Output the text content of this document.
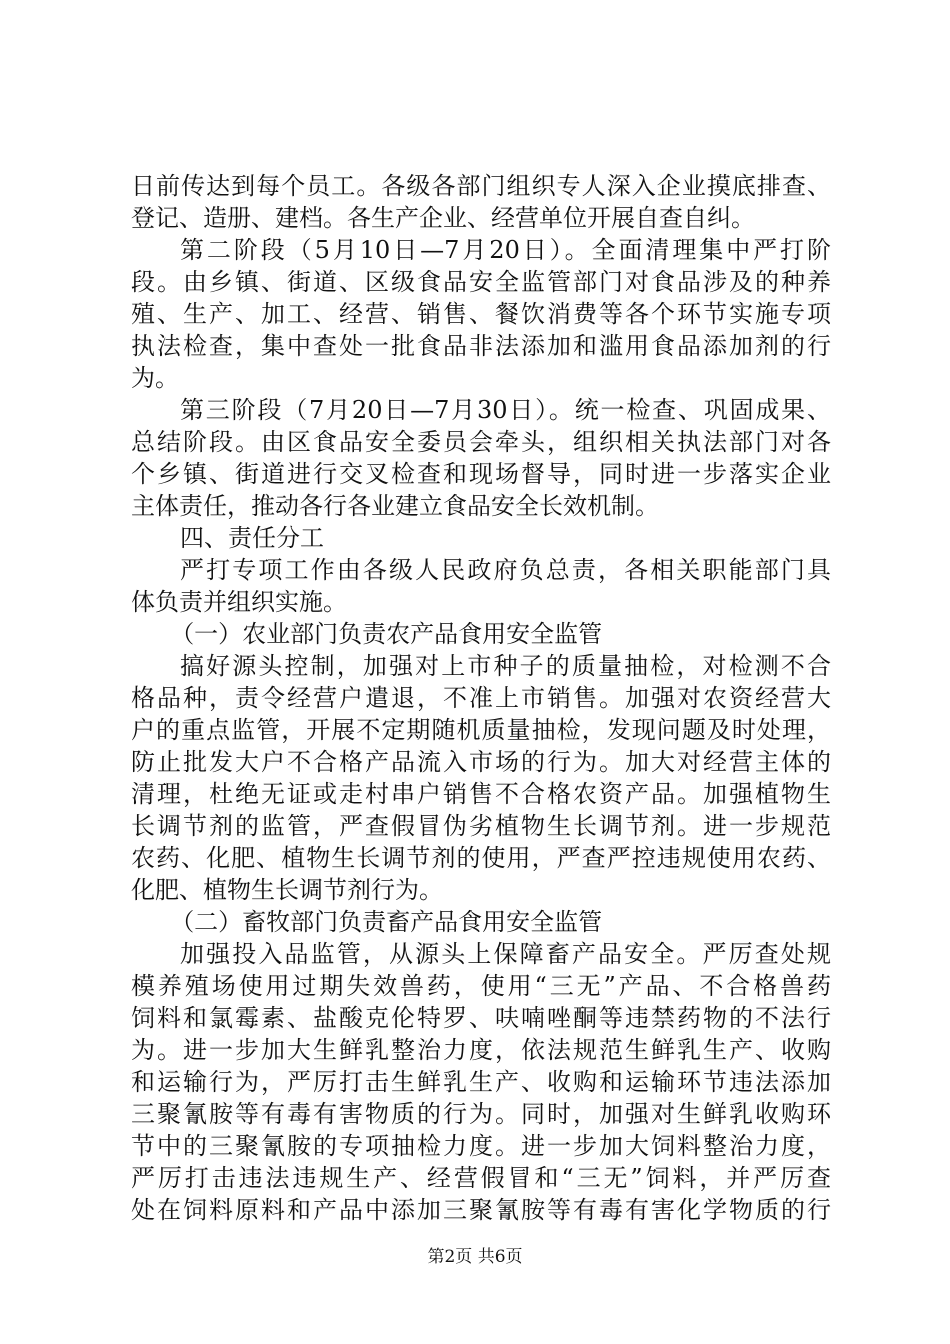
日前传达到每个员工。各级各部门组织专人深入企业摸底排查、
登记、造册、建档。各生产企业、经营单位开展自查自纠。
第二阶段（5月10日—7月20日）。全面清理集中严打阶
段。由乡镇、街道、区级食品安全监管部门对食品涉及的种养
殖、生产、加工、经营、销售、餐饮消费等各个环节实施专项
执法检查，集中查处一批食品非法添加和滥用食品添加剂的行
为。
第三阶段（7月20日—7月30日）。统一检查、巩固成果、
总结阶段。由区食品安全委员会牵头，组织相关执法部门对各
个乡镇、街道进行交叉检查和现场督导，同时进一步落实企业
主体责任，推动各行各业建立食品安全长效机制。
四、责任分工
严打专项工作由各级人民政府负总责，各相关职能部门具
体负责并组织实施。
（一）农业部门负责农产品食用安全监管
搞好源头控制，加强对上市种子的质量抽检，对检测不合
格品种，责令经营户遣退，不准上市销售。加强对农资经营大
户的重点监管，开展不定期随机质量抽检，发现问题及时处理，
防止批发大户不合格产品流入市场的行为。加大对经营主体的
清理，杜绝无证或走村串户销售不合格农资产品。加强植物生
长调节剂的监管，严查假冒伪劣植物生长调节剂。进一步规范
农药、化肥、植物生长调节剂的使用，严查严控违规使用农药、
化肥、植物生长调节剂行为。
（二）畜牧部门负责畜产品食用安全监管
加强投入品监管，从源头上保障畜产品安全。严厉查处规
模养殖场使用过期失效兽药，使用“三无”产品、不合格兽药
饲料和氯霉素、盐酸克伦特罗、呋喃唑酮等违禁药物的不法行
为。进一步加大生鲜乳整治力度，依法规范生鲜乳生产、收购
和运输行为，严厉打击生鲜乳生产、收购和运输环节违法添加
三聚氰胺等有毒有害物质的行为。同时，加强对生鲜乳收购环
节中的三聚氰胺的专项抽检力度。进一步加大饲料整治力度，
严厉打击违法违规生产、经营假冒和“三无”饲料，并严厉查
处在饲料原料和产品中添加三聚氰胺等有毒有害化学物质的行
第2页 共6页
